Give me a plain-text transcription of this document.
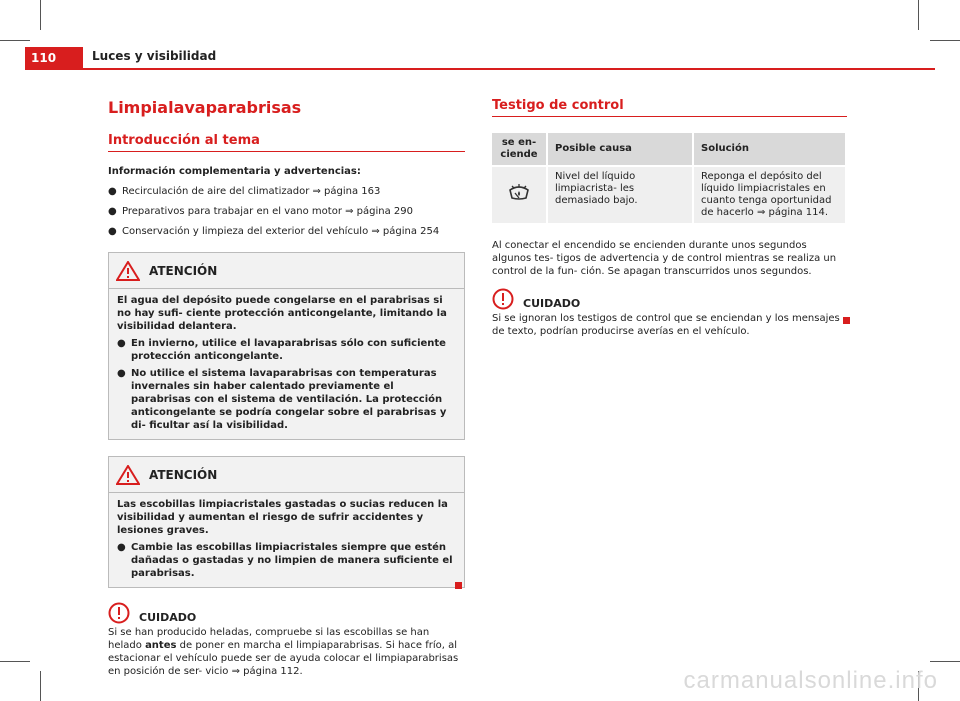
110	Luces y visibilidad
Limpialavaparabrisas
Introducción al tema

Información complementaria y advertencias:

● Recirculación de aire del climatizador ⇒ página 163
● Preparativos para trabajar en el vano motor ⇒ página 290
● Conservación y limpieza del exterior del vehículo ⇒ página 254
ATENCIÓN

El agua del depósito puede congelarse en el parabrisas si no hay sufi- ciente protección anticongelante, limitando la visibilidad delantera.

● En invierno, utilice el lavaparabrisas sólo con suficiente protección anticongelante.
● No utilice el sistema lavaparabrisas con temperaturas invernales sin haber calentado previamente el parabrisas con el sistema de ventilación. La protección anticongelante se podría congelar sobre el parabrisas y di- ficultar así la visibilidad.
ATENCIÓN

Las escobillas limpiacristales gastadas o sucias reducen la visibilidad y aumentan el riesgo de sufrir accidentes y lesiones graves.

● Cambie las escobillas limpiacristales siempre que estén dañadas o gastadas y no limpien de manera suficiente el parabrisas.
CUIDADO

Si se han producido heladas, compruebe si las escobillas se han helado antes de poner en marcha el limpiaparabrisas. Si hace frío, al estacionar el vehículo puede ser de ayuda colocar el limpiaparabrisas en posición de ser- vicio ⇒ página 112.

Testigo de control
se en- ciende	Posible causa	Solución
	Nivel del líquido limpiacrista- les demasiado bajo.	Reponga el depósito del líquido limpiacristales en cuanto tenga oportunidad de hacerlo ⇒ página 114.

Al conectar el encendido se encienden durante unos segundos algunos tes- tigos de advertencia y de control mientras se realiza un control de la fun- ción. Se apagan transcurridos unos segundos.

CUIDADO

Si se ignoran los testigos de control que se enciendan y los mensajes de texto, podrían producirse averías en el vehículo.

carmanualsonline.info
